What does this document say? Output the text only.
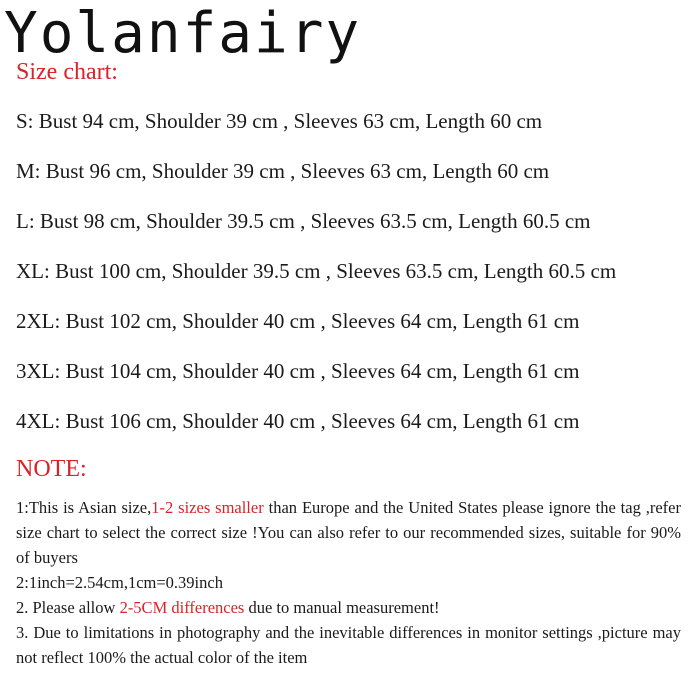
Yolanfairy
Size chart:
S: Bust 94 cm, Shoulder 39 cm , Sleeves 63 cm, Length 60 cm
M: Bust 96 cm, Shoulder 39 cm , Sleeves 63 cm, Length 60 cm
L: Bust 98 cm, Shoulder 39.5 cm , Sleeves 63.5 cm, Length 60.5 cm
XL: Bust 100 cm, Shoulder 39.5 cm , Sleeves 63.5 cm, Length 60.5 cm
2XL: Bust 102 cm, Shoulder 40 cm , Sleeves 64 cm, Length 61 cm
3XL: Bust 104 cm, Shoulder 40 cm , Sleeves 64 cm, Length 61 cm
4XL: Bust 106 cm, Shoulder 40 cm , Sleeves 64 cm, Length 61 cm
NOTE:

1:This is Asian size,1-2 sizes smaller than Europe and the United States please ignore the tag ,refer size chart to select the correct size !You can also refer to our recommended sizes, suitable for 90% of buyers

2:1inch=2.54cm,1cm=0.39inch

2. Please allow 2-5CM differences due to manual measurement!

3. Due to limitations in photography and the inevitable differences in monitor settings ,picture may not reflect 100% the actual color of the item
